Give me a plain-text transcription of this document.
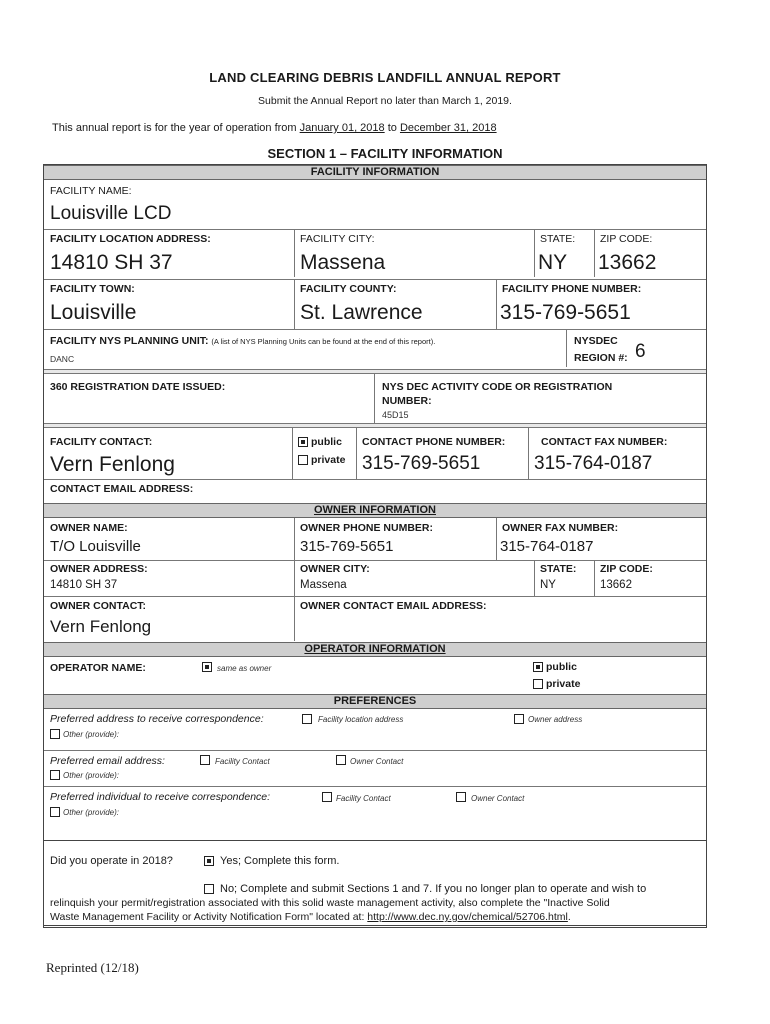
LAND CLEARING DEBRIS LANDFILL ANNUAL REPORT
Submit the Annual Report no later than March 1, 2019.
This annual report is for the year of operation from January 01, 2018 to December 31, 2018
SECTION 1 – FACILITY INFORMATION
FACILITY INFORMATION
FACILITY NAME:
Louisville LCD
FACILITY LOCATION ADDRESS:	FACILITY CITY:	STATE: ZIP CODE:
14810 SH 37	Massena	NY 13662
FACILITY TOWN:	FACILITY COUNTY:	FACILITY PHONE NUMBER:
Louisville	St. Lawrence	315-769-5651
FACILITY NYS PLANNING UNIT: (A list of NYS Planning Units can be found at the end of this report).
DANC
NYSDEC
REGION #: 6
360 REGISTRATION DATE ISSUED:	NYS DEC ACTIVITY CODE OR REGISTRATION
NUMBER:
45D15
FACILITY CONTACT:
Vern Fenlong
public
private
CONTACT PHONE NUMBER:
315-769-5651
CONTACT FAX NUMBER:
315-764-0187
CONTACT EMAIL ADDRESS:
OWNER INFORMATION
OWNER NAME:	OWNER PHONE NUMBER:	OWNER FAX NUMBER:
T/O Louisville	315-769-5651	315-764-0187
OWNER ADDRESS:	OWNER CITY:	STATE: ZIP CODE:
14810 SH 37	Massena	NY	13662
OWNER CONTACT:	OWNER CONTACT EMAIL ADDRESS:
Vern Fenlong
OPERATOR INFORMATION
OPERATOR NAME:	same as owner	public
private
PREFERENCES
Preferred address to receive correspondence:	Facility location address	Owner address
Other (provide):
Preferred email address:	Facility Contact	Owner Contact
Other (provide):
Preferred individual to receive correspondence:	Facility Contact	Owner Contact
Other (provide):
Did you operate in 2018?	Yes; Complete this form.
No; Complete and submit Sections 1 and 7. If you no longer plan to operate and wish to
relinquish your permit/registration associated with this solid waste management activity, also complete the "Inactive Solid
Waste Management Facility or Activity Notification Form" located at: http://www.dec.ny.gov/chemical/52706.html.
Reprinted (12/18)
